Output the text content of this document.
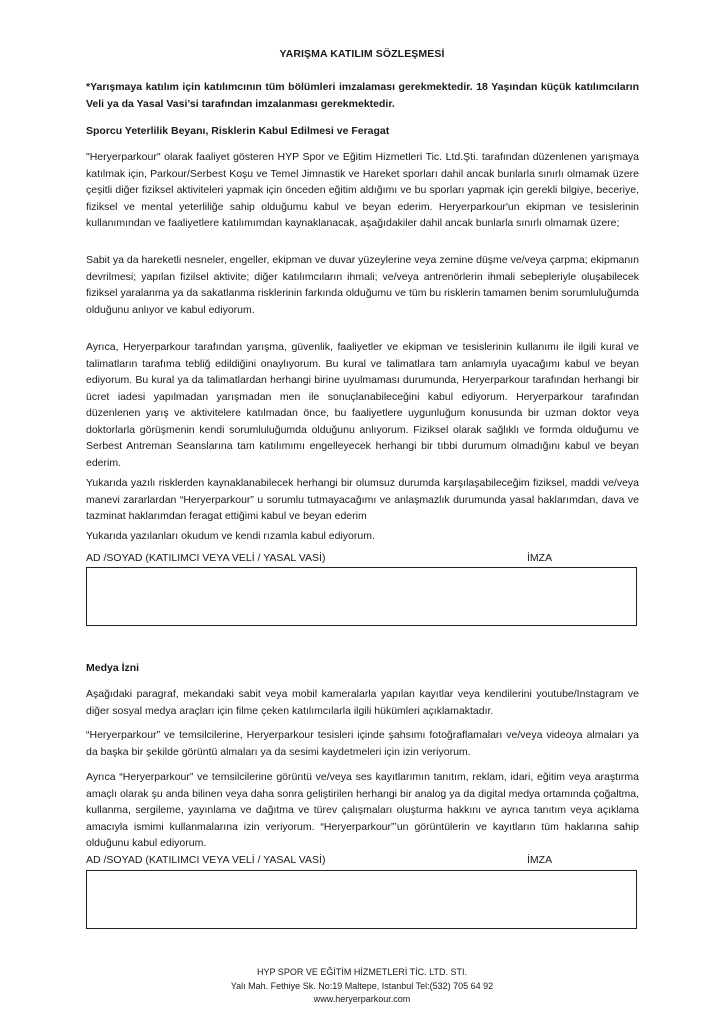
YARIŞMA KATILIM SÖZLEŞMESİ
*Yarışmaya katılım için katılımcının tüm bölümleri imzalaması gerekmektedir. 18 Yaşından küçük katılımcıların Veli ya da Yasal Vasi’si tarafından imzalanması gerekmektedir.
Sporcu Yeterlilik Beyanı, Risklerin Kabul Edilmesi ve Feragat
"Heryerparkour" olarak faaliyet gösteren HYP Spor ve Eğitim Hizmetleri Tic. Ltd.Şti. tarafından düzenlenen yarışmaya katılmak için, Parkour/Serbest Koşu ve Temel Jimnastik ve Hareket sporları dahil ancak bunlarla sınırlı olmamak üzere çeşitli diğer fiziksel aktiviteleri yapmak için önceden eğitim aldığımı ve bu sporları yapmak için gerekli bilgiye, beceriye, fiziksel ve mental yeterliliğe sahip olduğumu kabul ve beyan ederim. Heryerparkour'un ekipman ve tesislerinin kullanımından ve faaliyetlere katılımımdan kaynaklanacak, aşağıdakiler dahil ancak bunlarla sınırlı olmamak üzere;
Sabit ya da hareketli nesneler, engeller, ekipman ve duvar yüzeylerine veya zemine düşme ve/veya çarpma; ekipmanın devrilmesi; yapılan fizilsel aktivite; diğer katılımcıların ihmali; ve/veya antrenörlerin ihmali sebepleriyle oluşabilecek fiziksel yaralanma ya da sakatlanma risklerinin farkında olduğumu ve tüm bu risklerin tamamen benim sorumluluğumda olduğunu anlıyor ve kabul ediyorum.
Ayrıca, Heryerparkour tarafından yarışma, güvenlik, faaliyetler ve ekipman ve tesislerinin kullanımı ile ilgili kural ve talimatların tarafıma tebliğ edildiğini onaylıyorum. Bu kural ve talimatlara tam anlamıyla uyacağımı kabul ve beyan ediyorum. Bu kural ya da talimatlardan herhangi birine uyulmaması durumunda, Heryerparkour tarafından herhangi bir ücret iadesi yapılmadan yarışmadan men ile sonuçlanabileceğini kabul ediyorum. Heryerparkour tarafından düzenlenen yarış ve aktivitelere katılmadan önce, bu faaliyetlere uygunluğum konusunda bir uzman doktor veya doktorlarla görüşmenin kendi sorumluluğumda olduğunu anlıyorum. Fiziksel olarak sağlıklı ve formda olduğumu ve Serbest Antreman Seanslarına tam katılımımı engelleyecek herhangi bir tıbbi durumum olmadığını kabul ve beyan ederim.
Yukarıda yazılı risklerden kaynaklanabilecek herhangi bir olumsuz durumda karşılaşabileceğim fiziksel, maddi ve/veya manevi zararlardan “Heryerparkour” u sorumlu tutmayacağımı ve anlaşmazlık durumunda yasal haklarımdan, dava ve tazminat haklarımdan feragat ettiğimi kabul ve beyan ederim
Yukarıda yazılanları okudum ve kendi rızamla kabul ediyorum.
AD /SOYAD (KATILIMCI VEYA VELİ / YASAL VASİ)	İMZA
Medya İzni
Aşağıdaki paragraf, mekandaki sabit veya mobil kameralarla yapılan kayıtlar veya kendilerini youtube/Instagram ve diğer sosyal medya araçları için filme çeken katılımcılarla ilgili hükümleri açıklamaktadır.
“Heryerparkour” ve temsilcilerine, Heryerparkour tesisleri içinde şahsımı fotoğraflamaları ve/veya videoya almaları ya da başka bir şekilde görüntü almaları ya da sesimi kaydetmeleri için izin veriyorum.
Ayrıca “Heryerparkour” ve temsilcilerine görüntü ve/veya ses kayıtlarımın tanıtım, reklam, idari, eğitim veya araştırma amaçlı olarak şu anda bilinen veya daha sonra geliştirilen herhangi bir analog ya da digital medya ortamında çoğaltma, kullanma, sergileme, yayınlama ve dağıtma ve türev çalışmaları oluşturma hakkını ve ayrıca tanıtım veya açıklama amacıyla ismimi kullanmalarına izin veriyorum. “Heryerparkour”’un görüntülerin ve kayıtların tüm haklarına sahip olduğunu kabul ediyorum.
AD /SOYAD (KATILIMCI VEYA VELİ / YASAL VASİ)	İMZA
HYP SPOR VE EĞİTİM HİZMETLERİ TİC. LTD. STI.
Yalı Mah. Fethiye Sk. No:19 Maltepe, Istanbul Tel:(532) 705 64 92
www.heryerparkour.com
